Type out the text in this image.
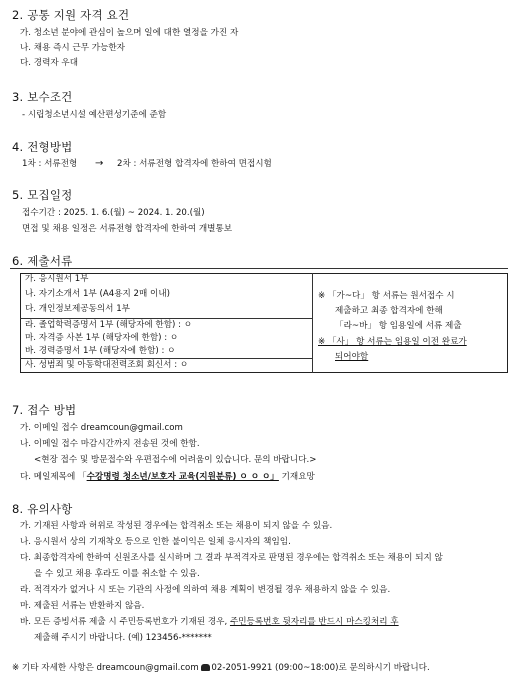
2. 공통 지원 자격 요건
가. 청소년 분야에 관심이 높으며 일에 대한 열정을 가진 자
나. 채용 즉시 근무 가능한자
다. 경력자 우대
3. 보수조건
- 시립청소년시설 예산편성기준에 준함
4. 전형방법
1차 : 서류전형 → 2차 : 서류전형 합격자에 한하여 면접시험
5. 모집일정
접수기간 : 2025. 1. 6.(월) ~ 2024. 1. 20.(월)
면접 및 채용 일정은 서류전형 합격자에 한하여 개별통보
6. 제출서류
가. 응시원서 1부
나. 자기소개서 1부 (A4용지 2매 이내)
다. 개인정보제공동의서 1부
라. 졸업학력증명서 1부 (해당자에 한함) : ㅇ
마. 자격증 사본 1부 (해당자에 한함) : ㅇ
※ 「가~다」 항 서류는 원서접수 시
제출하고 최종 합격자에 한해
「라~바」 항 임용일에 서류 제출
※ 「사」 항 서류는 임용일 이전 완료가
되어야함
7. 접수 방법
가. 이메일 접수 dreamcoun@gmail.com
나. 이메일 접수 마감시간까지 전송된 것에 한함.
<현장 접수 및 방문접수와 우편접수에 어려움이 있습니다. 문의 바랍니다.>
다. 메일제목에 「수강명령 청소년/보호자 교육(지원분류) ㅇ ㅇ ㅇ」 기재요망
8. 유의사항
가. 기재된 사항과 허위로 작성된 경우에는 합격취소 또는 채용이 되지 않을 수 있음.
나. 응시원서 상의 기재착오 등으로 인한 불이익은 일체 응시자의 책임임.
다. 최종합격자에 한하여 신원조사를 실시하며 그 결과 부적격자로 판명된 경우에는 합격취소 또는 채용이 되지 않
을 수 있고 채용 후라도 이를 취소할 수 있음.
라. 적격자가 없거나 시 또는 기관의 사정에 의하여 채용 계획이 변경될 경우 채용하지 않을 수 있음.
마. 제출된 서류는 반환하지 않음.
바. 모든 증빙서류 제출 시 주민등록번호가 기재된 경우, 주민등록번호 뒷자리를 반드시 마스킹처리 후
제출해 주시기 바랍니다. (예) 123456-*******
※ 기타 자세한 사항은 dreamcoun@gmail.com 02-2051-9921 (09:00~18:00)로 문의하시기 바랍니다.
바. 경력증명서 1부 (해당자에 한함) : ㅇ
사. 성범죄 및 아동학대전력조회 회신서 : ㅇ
